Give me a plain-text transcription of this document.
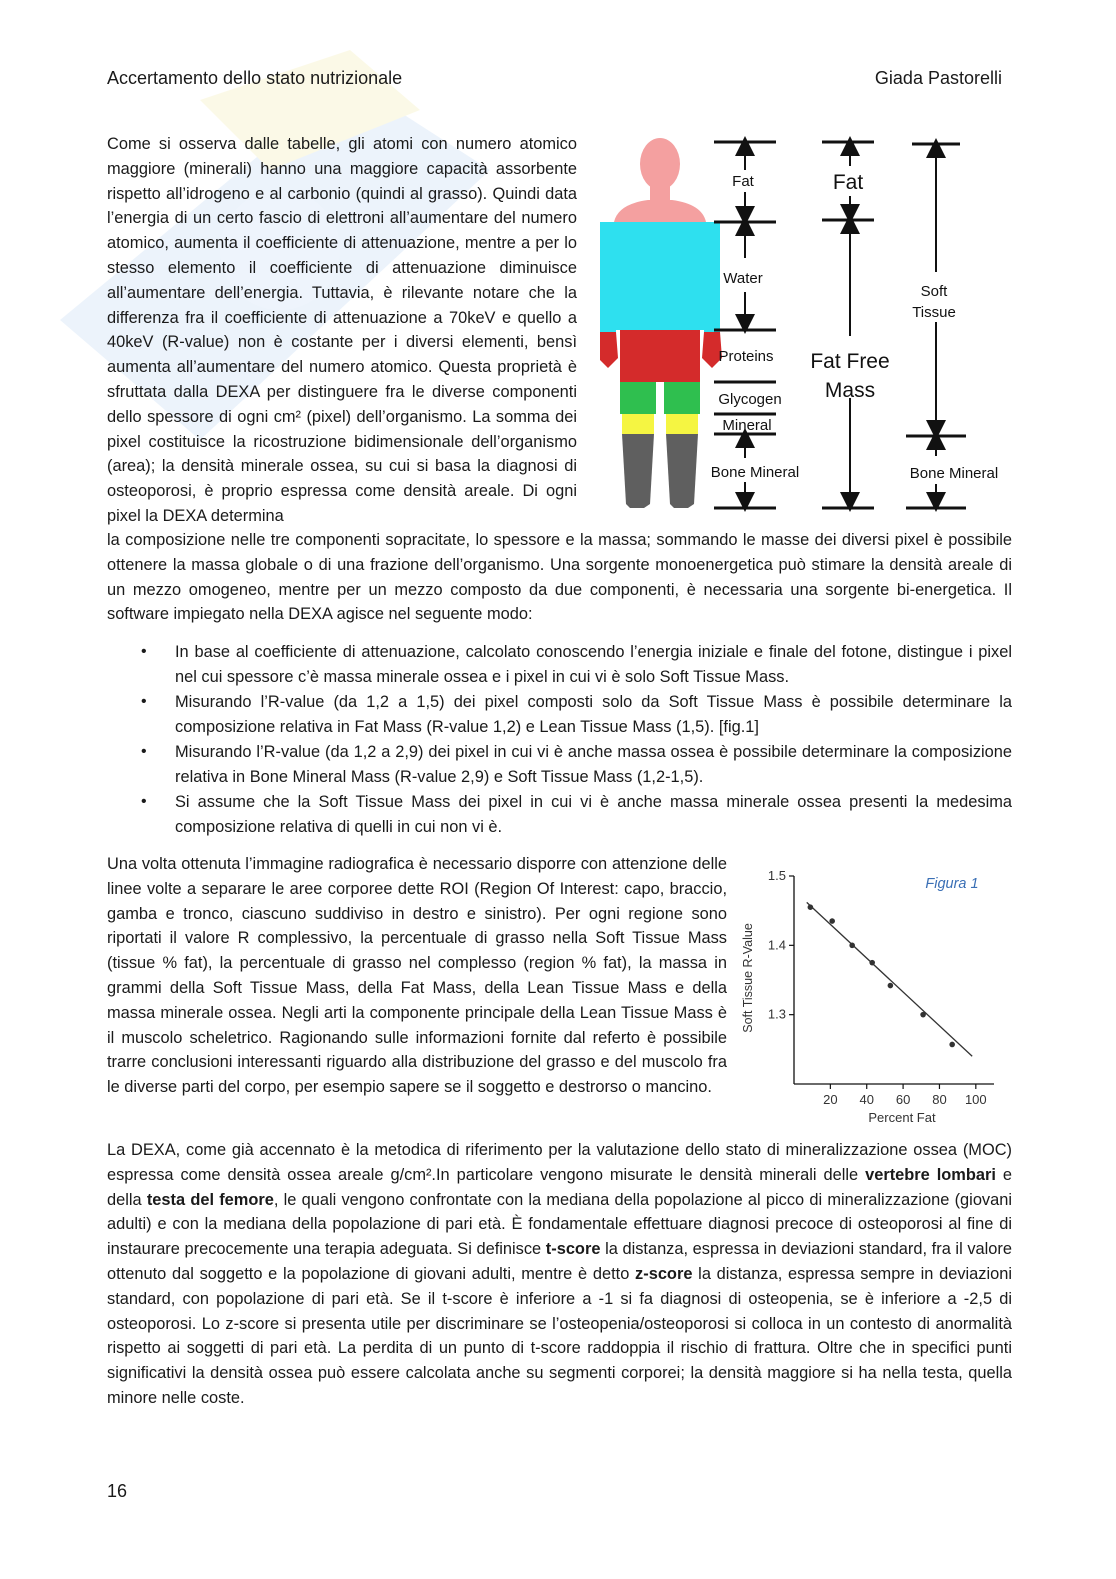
Accertamento dello stato nutrizionale	Giada Pastorelli
Come si osserva dalle tabelle, gli atomi con numero atomico maggiore (minerali) hanno una maggiore capacità assorbente rispetto all’idrogeno e al carbonio (quindi al grasso). Quindi data l’energia di un certo fascio di elettroni all’aumentare del numero atomico, aumenta il coefficiente di attenuazione, mentre a per lo stesso elemento il coefficiente di attenuazione diminuisce all’aumentare dell’energia. Tuttavia, è rilevante notare che la differenza fra il coefficiente di attenuazione a 70keV e quello a 40keV (R-value) non è costante per i diversi elementi, bensì aumenta all’aumentare del numero atomico. Questa proprietà è sfruttata dalla DEXA per distinguere fra le diverse componenti dello spessore di ogni cm² (pixel) dell’organismo. La somma dei pixel costituisce la ricostruzione bidimensionale dell’organismo (area); la densità minerale ossea, su cui si basa la diagnosi di osteoporosi, è proprio espressa come densità areale. Di ogni pixel la DEXA determina
Fat
Water
Proteins
Glycogen
Mineral
Bone Mineral
Fat
Fat Free
Mass
Soft
Tissue
Bone Mineral
la composizione nelle tre componenti sopracitate, lo spessore e la massa; sommando le masse dei diversi pixel è possibile ottenere la massa globale o di una frazione dell’organismo. Una sorgente monoenergetica può stimare la densità areale di un mezzo omogeneo, mentre per un mezzo composto da due componenti, è necessaria una sorgente bi-energetica. Il software impiegato nella DEXA agisce nel seguente modo:
• In base al coefficiente di attenuazione, calcolato conoscendo l’energia iniziale e finale del fotone, distingue i pixel nel cui spessore c’è massa minerale ossea e i pixel in cui vi è solo Soft Tissue Mass.
• Misurando l’R-value (da 1,2 a 1,5) dei pixel composti solo da Soft Tissue Mass è possibile determinare la composizione relativa in Fat Mass (R-value 1,2) e Lean Tissue Mass (1,5). [fig.1]
• Misurando l’R-value (da 1,2 a 2,9) dei pixel in cui vi è anche massa ossea è possibile determinare la composizione relativa in Bone Mineral Mass (R-value 2,9) e Soft Tissue Mass (1,2-1,5).
• Si assume che la Soft Tissue Mass dei pixel in cui vi è anche massa minerale ossea presenti la medesima composizione relativa di quelli in cui non vi è.
Una volta ottenuta l’immagine radiografica è necessario disporre con attenzione delle linee volte a separare le aree corporee dette ROI (Region Of Interest: capo, braccio, gamba e tronco, ciascuno suddiviso in destro e sinistro). Per ogni regione sono riportati il valore R complessivo, la percentuale di grasso nella Soft Tissue Mass (tissue % fat), la percentuale di grasso nel complesso (region % fat), la massa in grammi della Soft Tissue Mass, della Fat Mass, della Lean Tissue Mass e della massa minerale ossea. Negli arti la componente principale della Lean Tissue Mass è il muscolo scheletrico. Ragionando sulle informazioni fornite dal referto è possibile trarre conclusioni interessanti riguardo alla distribuzione del grasso e del muscolo fra le diverse parti del corpo, per esempio sapere se il soggetto e destrorso o mancino.
Figura 1
20 40 60 80 100
1.3
1.4
1.5
Percent Fat
Soft Tissue R-Value
La DEXA, come già accennato è la metodica di riferimento per la valutazione dello stato di mineralizzazione ossea (MOC) espressa come densità ossea areale g/cm².In particolare vengono misurate le densità minerali delle vertebre lombari e della testa del femore, le quali vengono confrontate con la mediana della popolazione al picco di mineralizzazione (giovani adulti) e con la mediana della popolazione di pari età. È fondamentale effettuare diagnosi precoce di osteoporosi al fine di instaurare precocemente una terapia adeguata. Si definisce t-score la distanza, espressa in deviazioni standard, fra il valore ottenuto dal soggetto e la popolazione di giovani adulti, mentre è detto z-score la distanza, espressa sempre in deviazioni standard, con popolazione di pari età. Se il t-score è inferiore a -1 si fa diagnosi di osteopenia, se è inferiore a -2,5 di osteoporosi. Lo z-score si presenta utile per discriminare se l’osteopenia/osteoporosi si colloca in un contesto di anormalità rispetto ai soggetti di pari età. La perdita di un punto di t-score raddoppia il rischio di frattura. Oltre che in specifici punti significativi la densità ossea può essere calcolata anche su segmenti corporei; la densità maggiore si ha nella testa, quella minore nelle coste.
16
